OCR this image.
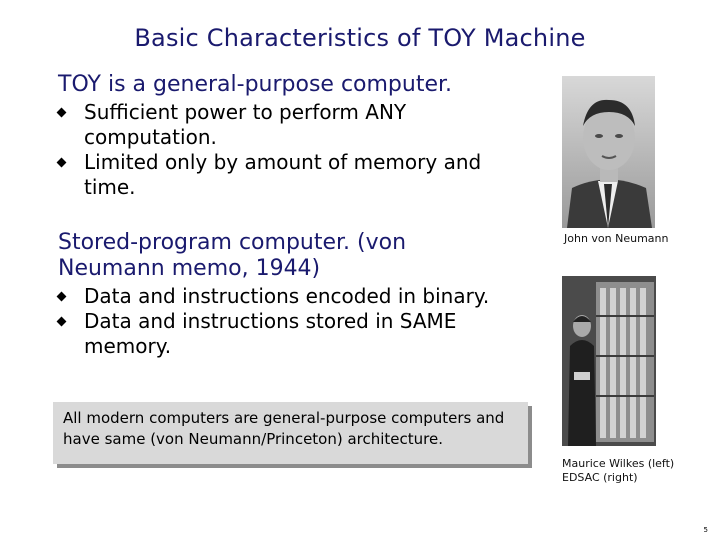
Basic Characteristics of TOY Machine
TOY is a general-purpose computer.
Sufficient power to perform ANY computation.
Limited only by amount of memory and time.
Stored-program computer. (von Neumann memo, 1944)
Data and instructions encoded in binary.
Data and instructions stored in SAME memory.
All modern computers are general-purpose computers and have same (von Neumann/Princeton) architecture.
John von Neumann
Maurice Wilkes (left)
EDSAC (right)
5
